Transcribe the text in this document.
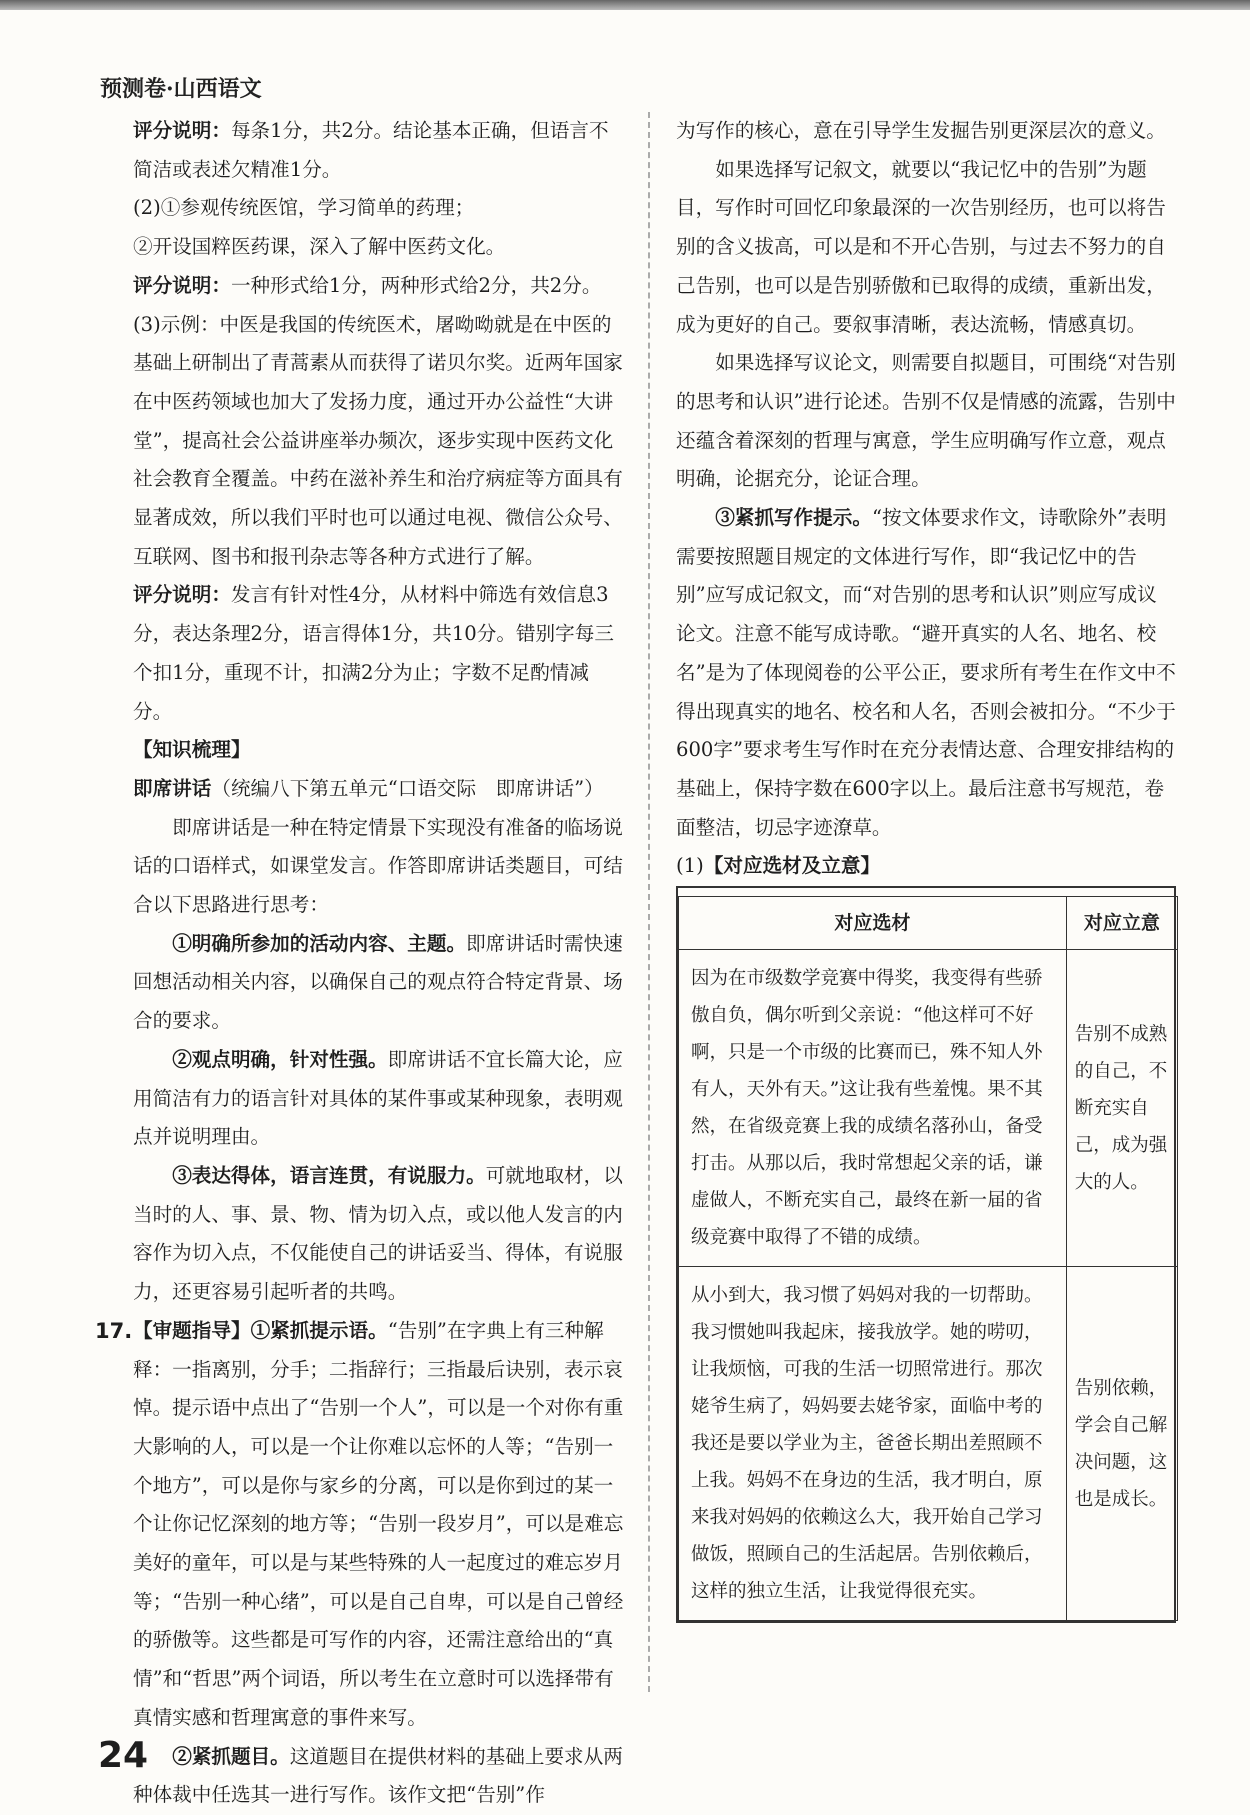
预测卷·山西语文

评分说明：每条1分，共2分。结论基本正确，但语言不简洁或表述欠精准1分。

(2)①参观传统医馆，学习简单的药理；

②开设国粹医药课，深入了解中医药文化。

评分说明：一种形式给1分，两种形式给2分，共2分。

(3)示例：中医是我国的传统医术，屠呦呦就是在中医的基础上研制出了青蒿素从而获得了诺贝尔奖。近两年国家在中医药领域也加大了发扬力度，通过开办公益性“大讲堂”，提高社会公益讲座举办频次，逐步实现中医药文化社会教育全覆盖。中药在滋补养生和治疗病症等方面具有显著成效，所以我们平时也可以通过电视、微信公众号、互联网、图书和报刊杂志等各种方式进行了解。

评分说明：发言有针对性4分，从材料中筛选有效信息3分，表达条理2分，语言得体1分，共10分。错别字每三个扣1分，重现不计，扣满2分为止；字数不足酌情减分。

【知识梳理】

即席讲话（统编八下第五单元“口语交际　即席讲话”）

即席讲话是一种在特定情景下实现没有准备的临场说话的口语样式，如课堂发言。作答即席讲话类题目，可结合以下思路进行思考：

①明确所参加的活动内容、主题。即席讲话时需快速回想活动相关内容，以确保自己的观点符合特定背景、场合的要求。

②观点明确，针对性强。即席讲话不宜长篇大论，应用简洁有力的语言针对具体的某件事或某种现象，表明观点并说明理由。

③表达得体，语言连贯，有说服力。可就地取材，以当时的人、事、景、物、情为切入点，或以他人发言的内容作为切入点，不仅能使自己的讲话妥当、得体，有说服力，还更容易引起听者的共鸣。

17. 【审题指导】①紧抓提示语。“告别”在字典上有三种解释：一指离别，分手；二指辞行；三指最后诀别，表示哀悼。提示语中点出了“告别一个人”，可以是一个对你有重大影响的人，可以是一个让你难以忘怀的人等；“告别一个地方”，可以是你与家乡的分离，可以是你到过的某一个让你记忆深刻的地方等；“告别一段岁月”，可以是难忘美好的童年，可以是与某些特殊的人一起度过的难忘岁月等；“告别一种心绪”，可以是自己自卑，可以是自己曾经的骄傲等。这些都是可写作的内容，还需注意给出的“真情”和“哲思”两个词语，所以考生在立意时可以选择带有真情实感和哲理寓意的事件来写。

②紧抓题目。这道题目在提供材料的基础上要求从两种体裁中任选其一进行写作。该作文把“告别”作

为写作的核心，意在引导学生发掘告别更深层次的意义。

如果选择写记叙文，就要以“我记忆中的告别”为题目，写作时可回忆印象最深的一次告别经历，也可以将告别的含义拔高，可以是和不开心告别，与过去不努力的自己告别，也可以是告别骄傲和已取得的成绩，重新出发，成为更好的自己。要叙事清晰，表达流畅，情感真切。

如果选择写议论文，则需要自拟题目，可围绕“对告别的思考和认识”进行论述。告别不仅是情感的流露，告别中还蕴含着深刻的哲理与寓意，学生应明确写作立意，观点明确，论据充分，论证合理。

③紧抓写作提示。“按文体要求作文，诗歌除外”表明需要按照题目规定的文体进行写作，即“我记忆中的告别”应写成记叙文，而“对告别的思考和认识”则应写成议论文。注意不能写成诗歌。“避开真实的人名、地名、校名”是为了体现阅卷的公平公正，要求所有考生在作文中不得出现真实的地名、校名和人名，否则会被扣分。“不少于600字”要求考生写作时在充分表情达意、合理安排结构的基础上，保持字数在600字以上。最后注意书写规范，卷面整洁，切忌字迹潦草。

(1)【对应选材及立意】

对应选材	对应立意
因为在市级数学竞赛中得奖，我变得有些骄傲自负，偶尔听到父亲说：“他这样可不好啊，只是一个市级的比赛而已，殊不知人外有人，天外有天。”这让我有些羞愧。果不其然，在省级竞赛上我的成绩名落孙山，备受打击。从那以后，我时常想起父亲的话，谦虚做人，不断充实自己，最终在新一届的省级竞赛中取得了不错的成绩。	告别不成熟的自己，不断充实自己，成为强大的人。
从小到大，我习惯了妈妈对我的一切帮助。我习惯她叫我起床，接我放学。她的唠叨，让我烦恼，可我的生活一切照常进行。那次姥爷生病了，妈妈要去姥爷家，面临中考的我还是要以学业为主，爸爸长期出差照顾不上我。妈妈不在身边的生活，我才明白，原来我对妈妈的依赖这么大，我开始自己学习做饭，照顾自己的生活起居。告别依赖后，这样的独立生活，让我觉得很充实。	告别依赖，学会自己解决问题，这也是成长。
24
